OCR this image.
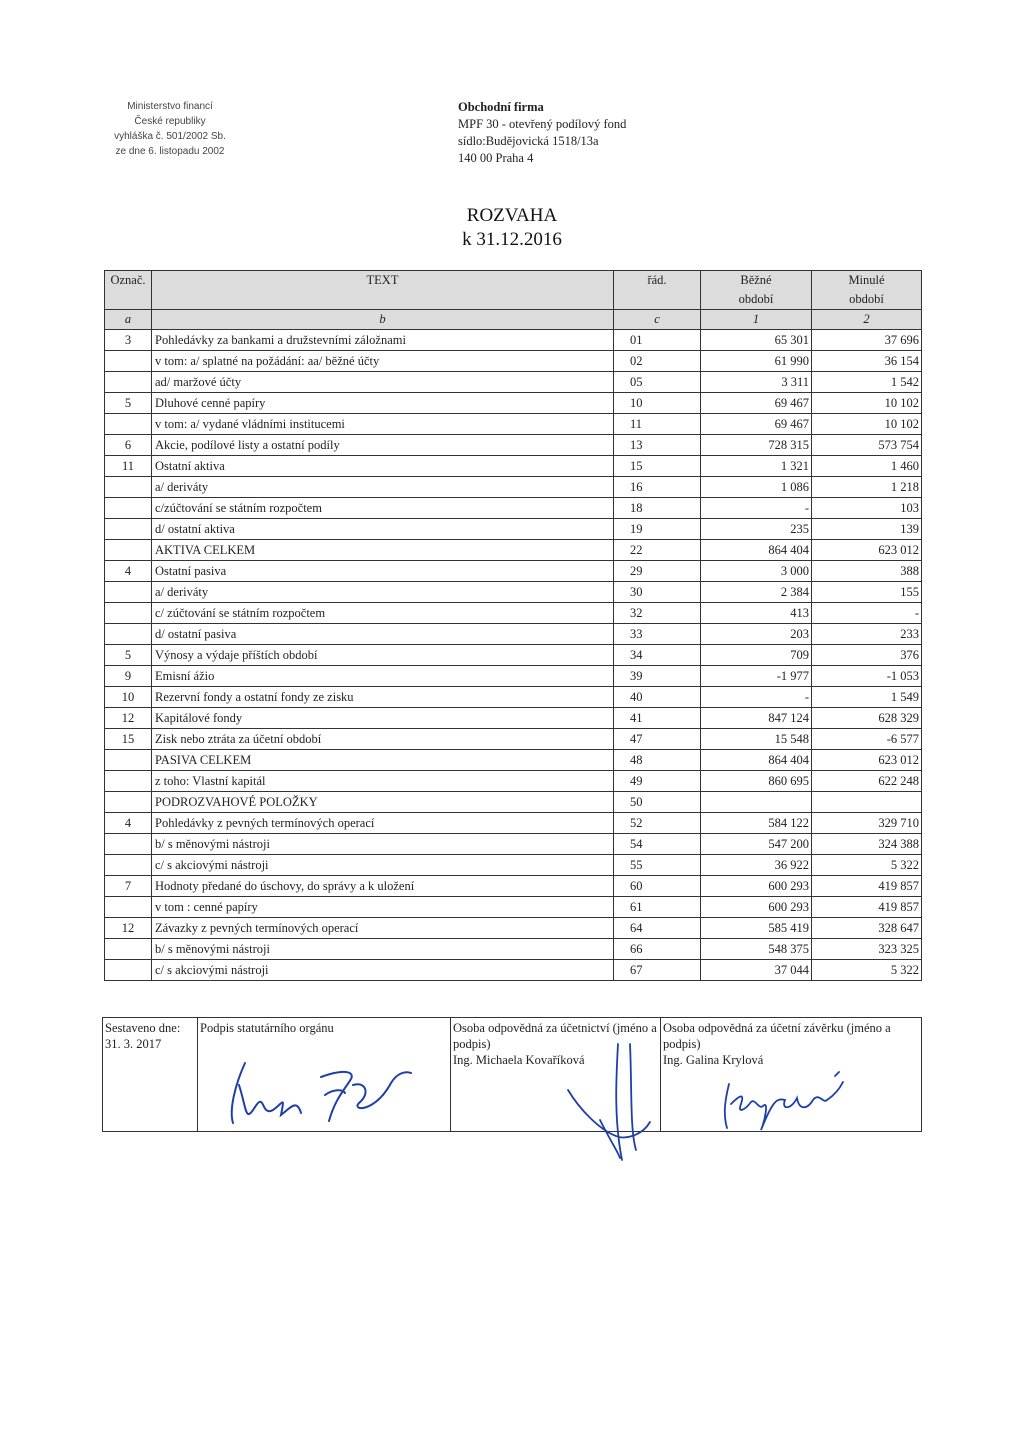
Ministerstvo financí
České republiky
vyhláška č. 501/2002 Sb.
ze dne 6. listopadu 2002
Obchodní firma
MPF 30 - otevřený podílový fond
sídlo:Budějovická 1518/13a
140 00 Praha 4
ROZVAHA
k 31.12.2016
Označ.	TEXT	řád.	Běžné	Minulé
			období	období
a	b	c	1	2
3	Pohledávky za bankami a družstevními záložnami	01	65 301	37 696
	v tom: a/ splatné na požádání: aa/ běžné účty	02	61 990	36 154
	ad/ maržové účty	05	3 311	1 542
5	Dluhové cenné papíry	10	69 467	10 102
	v tom: a/ vydané vládními institucemi	11	69 467	10 102
6	Akcie, podílové listy a ostatní podíly	13	728 315	573 754
11	Ostatní aktiva	15	1 321	1 460
	a/ deriváty	16	1 086	1 218
	c/zúčtování se státním rozpočtem	18	-	103
	d/ ostatní aktiva	19	235	139
	AKTIVA CELKEM	22	864 404	623 012
4	Ostatní pasiva	29	3 000	388
	a/ deriváty	30	2 384	155
	c/ zúčtování se státním rozpočtem	32	413	-
	d/ ostatní pasiva	33	203	233
5	Výnosy a výdaje příštích období	34	709	376
9	Emisní ážio	39	-1 977	-1 053
10	Rezervní fondy a ostatní fondy ze zisku	40	-	1 549
12	Kapitálové fondy	41	847 124	628 329
15	Zisk nebo ztráta za účetní období	47	15 548	-6 577
	PASIVA CELKEM	48	864 404	623 012
	z toho: Vlastní kapitál	49	860 695	622 248
	PODROZVAHOVÉ POLOŽKY	50		
4	Pohledávky z pevných termínových operací	52	584 122	329 710
	b/ s měnovými nástroji	54	547 200	324 388
	c/ s akciovými nástroji	55	36 922	5 322
7	Hodnoty předané do úschovy, do správy a k uložení	60	600 293	419 857
	v tom : cenné papíry	61	600 293	419 857
12	Závazky z pevných termínových operací	64	585 419	328 647
	b/ s měnovými nástroji	66	548 375	323 325
	c/ s akciovými nástroji	67	37 044	5 322
Sestaveno dne:
31. 3. 2017

Podpis statutárního orgánu	Osoba odpovědná za účetnictví (jméno a podpis)
Ing. Michaela Kovaříková

Osoba odpovědná za účetní závěrku (jméno a podpis)
Ing. Galina Krylová
